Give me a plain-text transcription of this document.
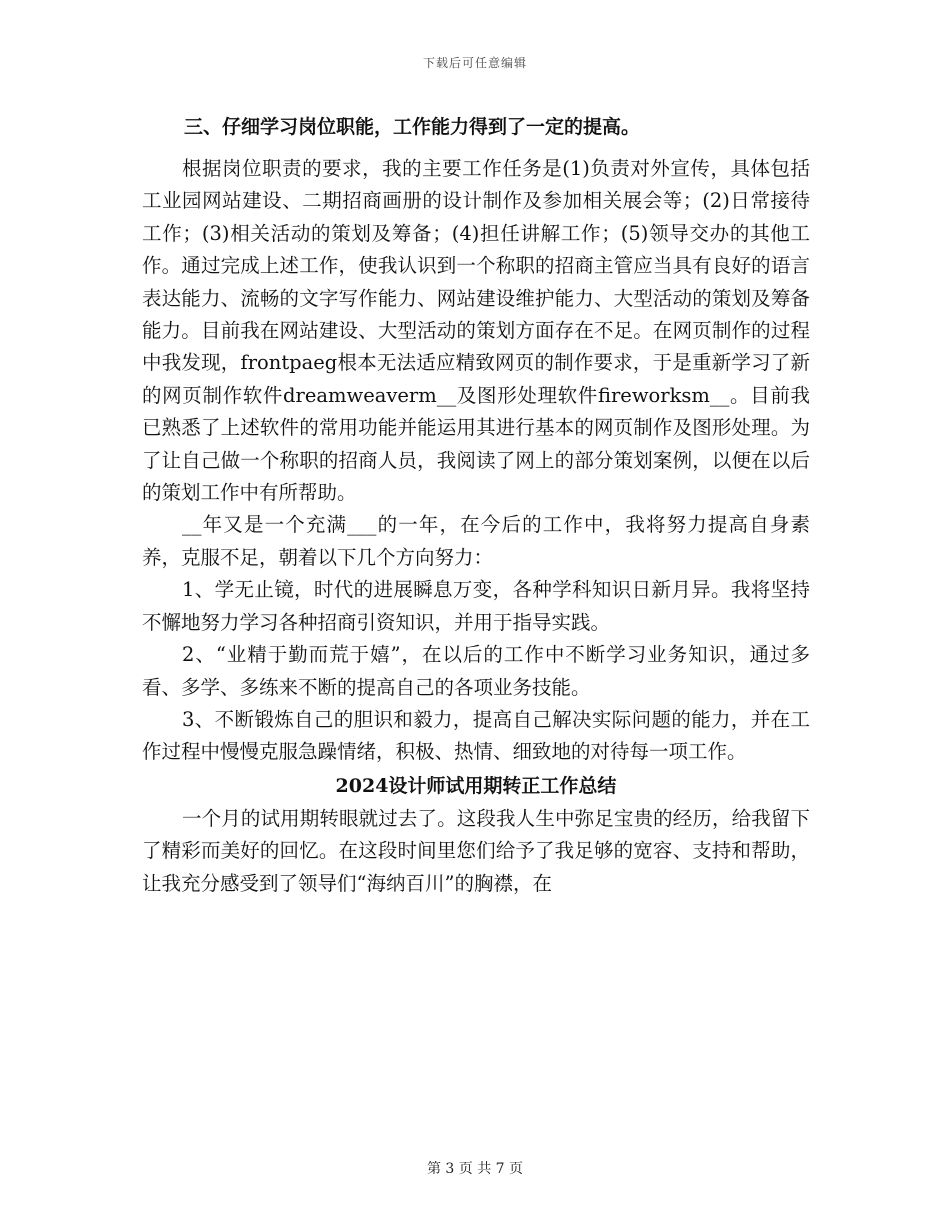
下载后可任意编辑
三、仔细学习岗位职能，工作能力得到了一定的提高。

根据岗位职责的要求，我的主要工作任务是(1)负责对外宣传，具体包括工业园网站建设、二期招商画册的设计制作及参加相关展会等；(2)日常接待工作；(3)相关活动的策划及筹备；(4)担任讲解工作；(5)领导交办的其他工作。通过完成上述工作，使我认识到一个称职的招商主管应当具有良好的语言表达能力、流畅的文字写作能力、网站建设维护能力、大型活动的策划及筹备能力。目前我在网站建设、大型活动的策划方面存在不足。在网页制作的过程中我发现，frontpaeg根本无法适应精致网页的制作要求，于是重新学习了新的网页制作软件dreamweaverm__及图形处理软件fireworksm__。目前我已熟悉了上述软件的常用功能并能运用其进行基本的网页制作及图形处理。为了让自己做一个称职的招商人员，我阅读了网上的部分策划案例，以便在以后的策划工作中有所帮助。

__年又是一个充满___的一年，在今后的工作中，我将努力提高自身素养，克服不足，朝着以下几个方向努力：

1、学无止镜，时代的进展瞬息万变，各种学科知识日新月异。我将坚持不懈地努力学习各种招商引资知识，并用于指导实践。

2、“业精于勤而荒于嬉”，在以后的工作中不断学习业务知识，通过多看、多学、多练来不断的提高自己的各项业务技能。

3、不断锻炼自己的胆识和毅力，提高自己解决实际问题的能力，并在工作过程中慢慢克服急躁情绪，积极、热情、细致地的对待每一项工作。

2024设计师试用期转正工作总结

一个月的试用期转眼就过去了。这段我人生中弥足宝贵的经历，给我留下了精彩而美好的回忆。在这段时间里您们给予了我足够的宽容、支持和帮助，让我充分感受到了领导们“海纳百川”的胸襟，在

第 3 页 共 7 页
